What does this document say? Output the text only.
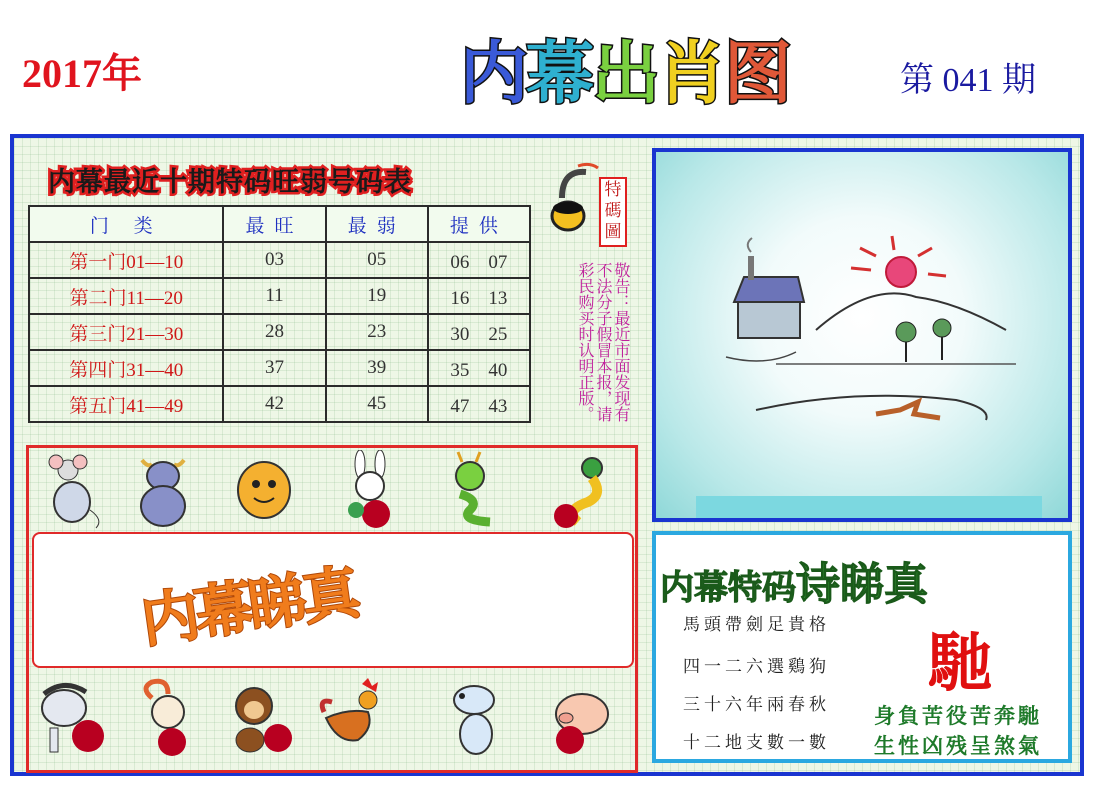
2017年	内 幕 出 肖 图	第 041 期
内幕最近十期特码旺弱号码表
门 类	最旺	最弱	提供
第一门01—10	03	05	06　07
第二门11—20	11	19	16　13
第三门21—30	28	23	30　25
第四门31—40	37	39	35　40
第五门41—49	42	45	47　43
特碼圖
敬告：最近市面发现有不法分子假冒本报，请彩民购买时认明正版。
内幕睇真	内幕特码诗睇真
馬頭帶劍足貴格
四一二六選鷄狗
三十六年兩春秋
十二地支數一數
馳
身負苦役苦奔馳
生性凶残呈煞氣
